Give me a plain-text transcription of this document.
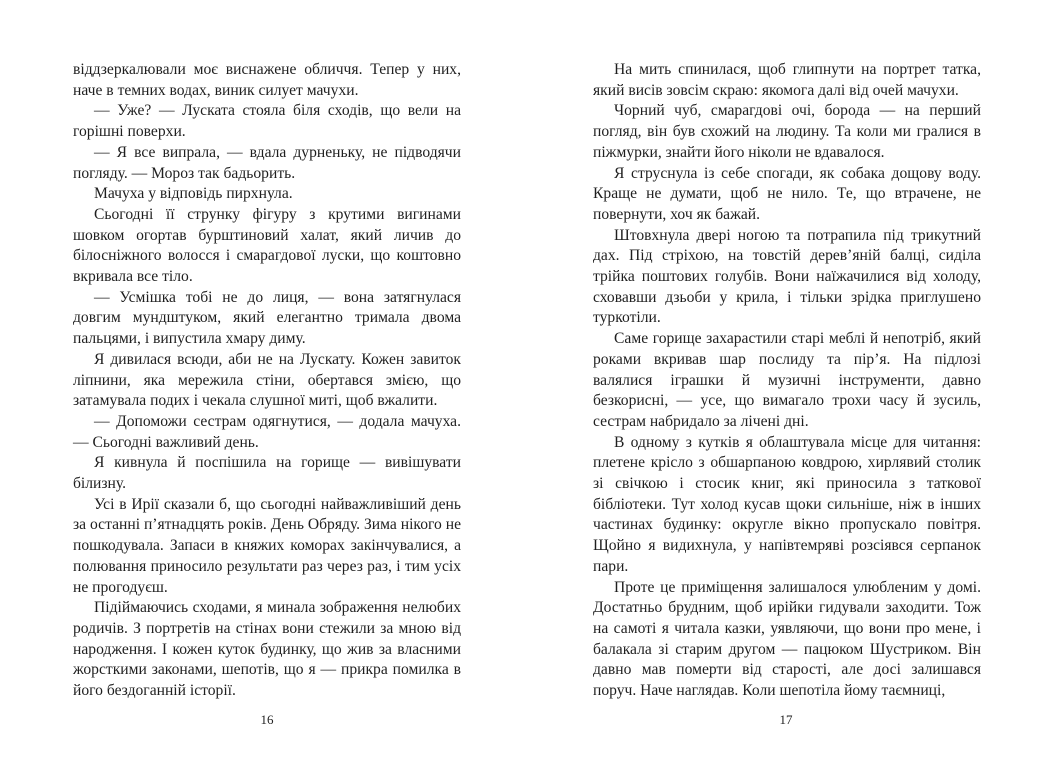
віддзеркалювали моє виснажене обличчя. Тепер у них, наче в темних водах, виник силует мачухи.

— Уже? — Луската стояла біля сходів, що вели на горішні поверхи.

— Я все випрала, — вдала дурненьку, не підводячи погляду. — Мороз так бадьорить.

Мачуха у відповідь пирхнула.

Сьогодні її струнку фігуру з крутими вигинами шовком огортав бурштиновий халат, який личив до білосніжного волосся і смарагдової луски, що коштовно вкривала все тіло.

— Усмішка тобі не до лиця, — вона затягнулася довгим мундштуком, який елегантно тримала двома пальцями, і випустила хмару диму.

Я дивилася всюди, аби не на Лускату. Кожен завиток ліпнини, яка мережила стіни, обертався змією, що затамувала подих і чекала слушної миті, щоб вжалити.

— Допоможи сестрам одягнутися, — додала мачуха. — Сьогодні важливий день.

Я кивнула й поспішила на горище — вивішувати білизну.

Усі в Ирії сказали б, що сьогодні найважливіший день за останні п’ятнадцять років. День Обряду. Зима нікого не пошкодувала. Запаси в княжих коморах закінчувалися, а полювання приносило результати раз через раз, і тим усіх не прогодуєш.

Підіймаючись сходами, я минала зображення нелюбих родичів. З портретів на стінах вони стежили за мною від народження. І кожен куток будинку, що жив за власними жорсткими законами, шепотів, що я — прикра помилка в його бездоганній історії.

На мить спинилася, щоб глипнути на портрет татка, який висів зовсім скраю: якомога далі від очей мачухи.

Чорний чуб, смарагдові очі, борода — на перший погляд, він був схожий на людину. Та коли ми гралися в піжмурки, знайти його ніколи не вдавалося.

Я струснула із себе спогади, як собака дощову воду. Краще не думати, щоб не нило. Те, що втрачене, не повернути, хоч як бажай.

Штовхнула двері ногою та потрапила під трикутний дах. Під стріхою, на товстій дерев’яній балці, сиділа трійка поштових голубів. Вони наїжачилися від холоду, сховавши дзьоби у крила, і тільки зрідка приглушено туркотіли.

Саме горище захарастили старі меблі й непотріб, який роками вкривав шар послиду та пір’я. На підлозі валялися іграшки й музичні інструменти, давно безкорисні, — усе, що вимагало трохи часу й зусиль, сестрам набридало за лічені дні.

В одному з кутків я облаштувала місце для читання: плетене крісло з обшарпаною ковдрою, хирлявий столик зі свічкою і стосик книг, які приносила з таткової бібліотеки. Тут холод кусав щоки сильніше, ніж в інших частинах будинку: округле вікно пропускало повітря. Щойно я видихнула, у напівтемряві розсіявся серпанок пари.

Проте це приміщення залишалося улюбленим у домі. Достатньо брудним, щоб ирійки гидували заходити. Тож на самоті я читала казки, уявляючи, що вони про мене, і балакала зі старим другом — пацюком Шустриком. Він давно мав померти від старості, але досі залишався поруч. Наче наглядав. Коли шепотіла йому таємниці,

16	17
